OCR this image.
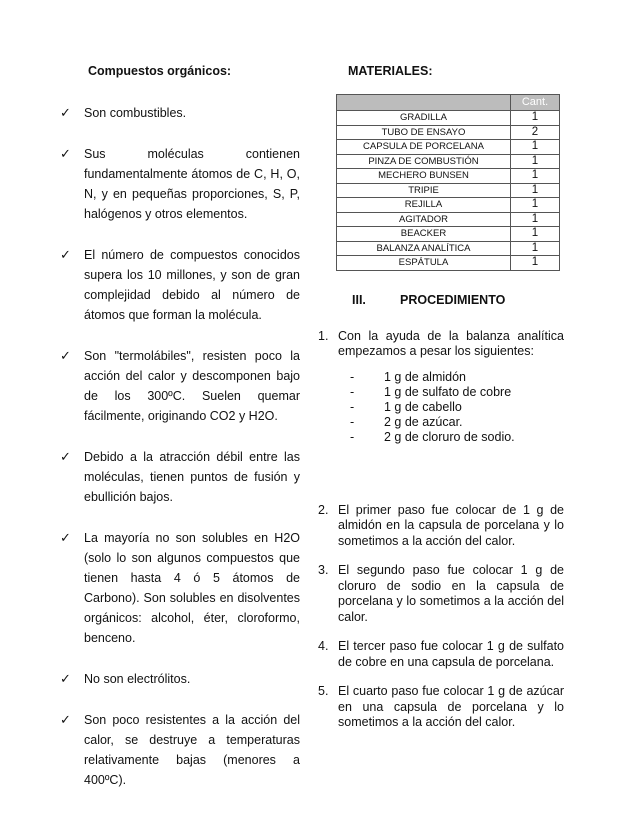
Compuestos orgánicos:
✓	Son combustibles.
✓	Sus moléculas contienen fundamentalmente átomos de C, H, O, N, y en pequeñas proporciones, S, P, halógenos y otros elementos.
✓	El número de compuestos conocidos supera los 10 millones, y son de gran complejidad debido al número de átomos que forman la molécula.
✓	Son "termolábiles", resisten poco la acción del calor y descomponen bajo de los 300ºC. Suelen quemar fácilmente, originando CO2 y H2O.
✓	Debido a la atracción débil entre las moléculas, tienen puntos de fusión y ebullición bajos.
✓	La mayoría no son solubles en H2O (solo lo son algunos compuestos que tienen hasta 4 ó 5 átomos de Carbono). Son solubles en disolventes orgánicos: alcohol, éter, cloroformo, benceno.
✓	No son electrólitos.
✓	Son poco resistentes a la acción del calor, se destruye a temperaturas relativamente bajas (menores a 400ºC).
MATERIALES:
	Cant.
GRADILLA	1
TUBO DE ENSAYO	2
CAPSULA DE PORCELANA	1
PINZA DE COMBUSTIÓN	1
MECHERO BUNSEN	1
TRIPIE	1
REJILLA	1
AGITADOR	1
BEACKER	1
BALANZA ANALÍTICA	1
ESPÁTULA	1
III.	PROCEDIMIENTO
1. Con la ayuda de la balanza analítica empezamos a pesar los siguientes:
-	1 g de almidón
-	1 g de sulfato de cobre
-	1 g de cabello
-	2 g de azúcar.
-	2 g de cloruro de sodio.
2. El primer paso fue colocar de 1 g de almidón en la capsula de porcelana y lo sometimos a la acción del calor.
3. El segundo paso fue colocar 1 g de cloruro de sodio en la capsula de porcelana y lo sometimos a la acción del calor.
4. El tercer paso fue colocar 1 g de sulfato de cobre en una capsula de porcelana.
5. El cuarto paso fue colocar 1 g de azúcar en una capsula de porcelana y lo sometimos a la acción del calor.
